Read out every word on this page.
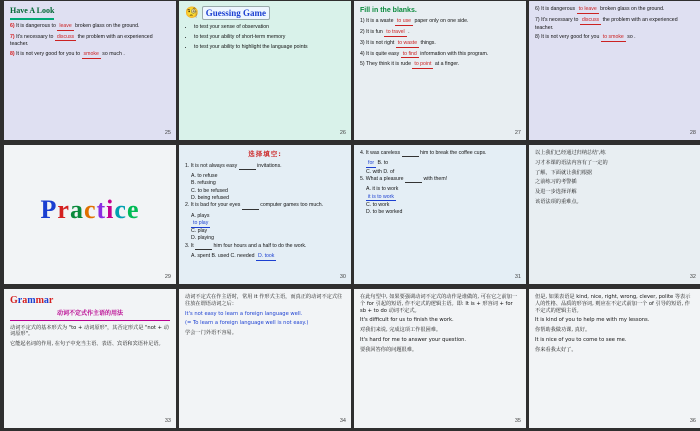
Have A Look

6) It is dangerous to leave broken glass on the ground.

7) It's necessary to discuss the problem with an experienced teacher.

8) It is not very good for you to smoke so much .

25
🧐 Guessing Game
• to test your sense of observation
• to test your ability of short-term memory
• to test your ability to highlight the language points
26
Fill in the blanks.

1) It is a waste to use paper only on one side.

2) It is fun to travel .

3) It is not right to waste things.

4) It is quite easy to find information with this program.

5) They think it is rude to point at a finger.

27

6) It is dangerous to leave broken glass on the ground.

7) It's necessary to discuss the problem with an experienced teacher.

8) It is not very good for you to smoke so .

28
Practice
29
选择填空:

1. It is not always easy	invitations.

A. to refuse
B. refusing
C. to be refused
D. being refused

2. It is bad for your eyes	computer games too much.

A. plays
to play
C. play
D. playing

3. It	him four hours and a half to do the work.

A. spent B. used C. needed D. took
30

4. It was careless	him to break the coffee cups.

for B. to
C. with D. of

5. What a pleasure	with them!

A. it is to work
it is to work
C. to work
D. to be worked
31

以上我们已经通过归纳总结',练

习才本课的语法内容有了一定的

了解，下面就让我们根据

之前练习的考警插

及进一步选择详解

该语法项的重难点。

32
Grammar
动词不定式作主语的用法

动词不定式的基本形式为 "to + 动词原形"，其否定形式是 "not + 动词原形"。

它能起名词的作用, 在句子中充当主语、表语、宾语和宾语补足语。

33

动词不定式在作主语时，常用 it 作形式主语，而真正的动词不定式往往放在谓语动词之后：

It's not easy to learn a foreign language well.

(= To learn a foreign language well is not easy.)

学会一门外语不容易。

34

在此句型中, 如果要强调动词不定式的动作是谁做的, 可在它之前加一个 for 引起的短语, 作不定式的逻辑主语。即: It is + 形容词 + for sb + to do 动词不定式。

It's difficult for us to finish the work.

对我们来说, 完成这项工作很困难。

It's hard for me to answer your question.

要我回答你的问题很难。

35

但是, 如果表语是 kind, nice, right, wrong, clever, polite 等表示人的性格、品质的形容词, 则应在不定式前加一个 of 引导的短语, 作不定式的逻辑主语。

It is kind of you to help me with my lessons.

你帮助我做功课, 真好。

It is nice of you to come to see me.

你来看我太好了。

36
